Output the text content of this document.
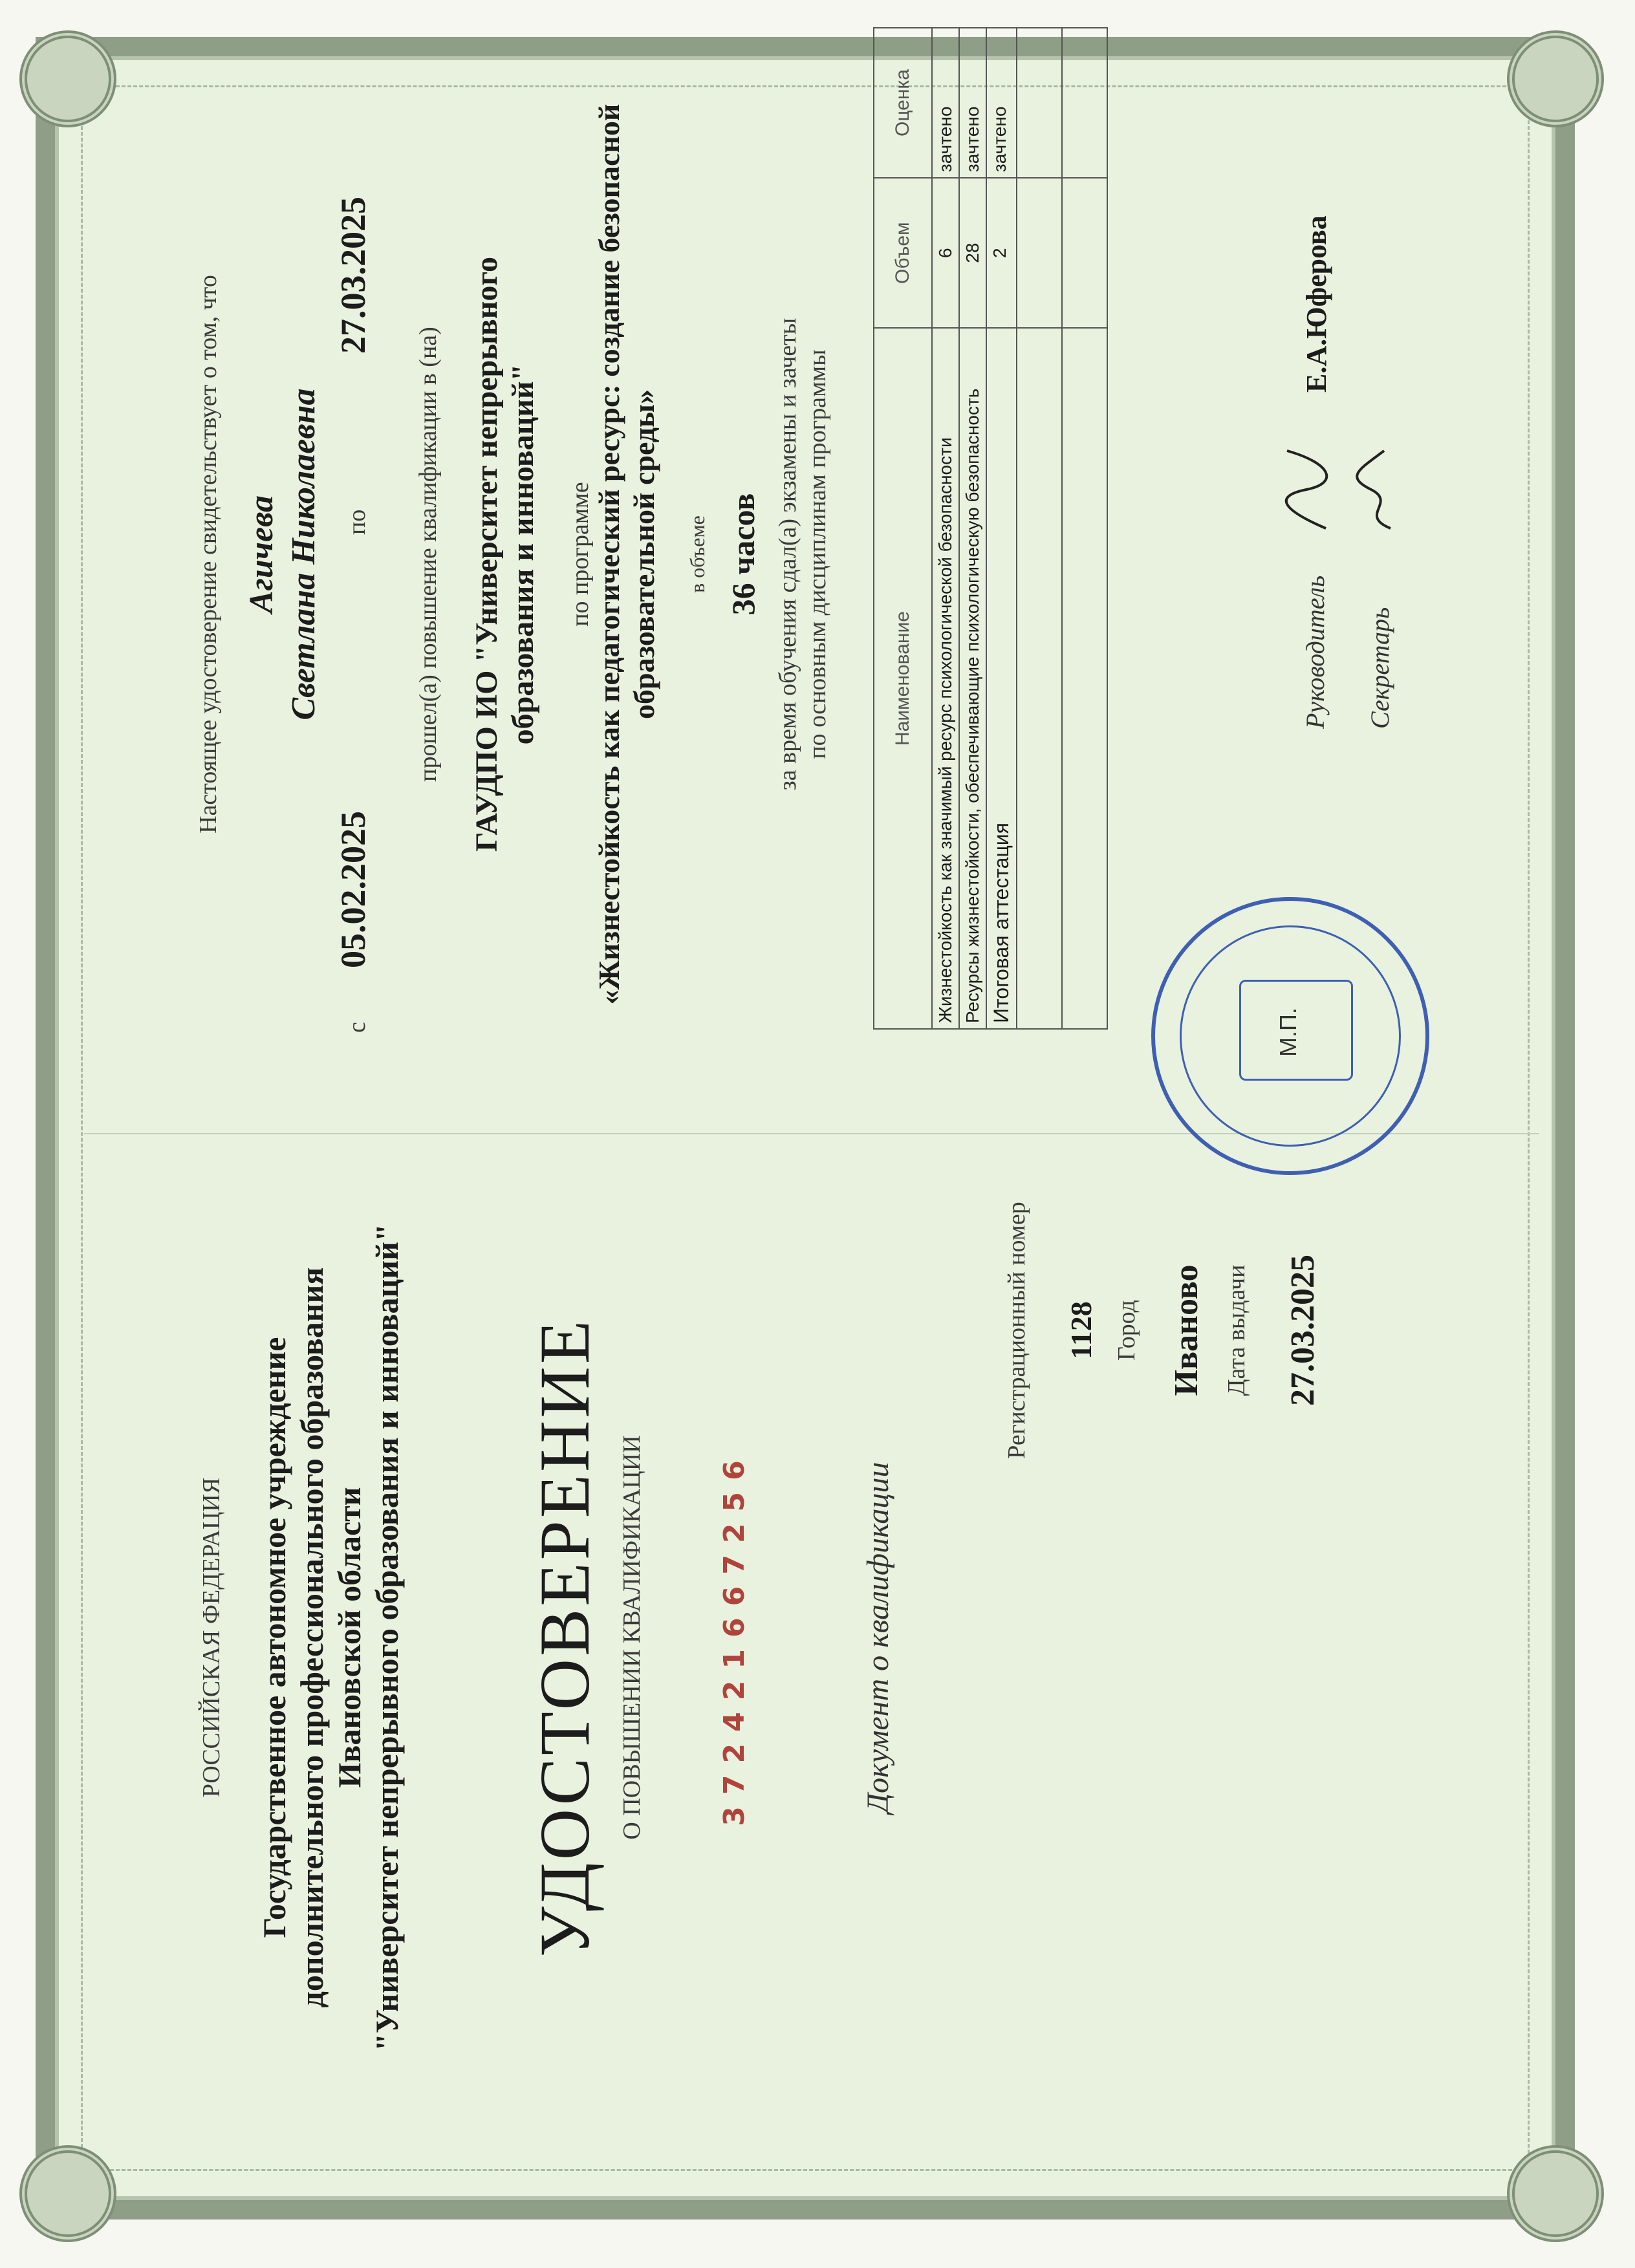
РОССИЙСКАЯ ФЕДЕРАЦИЯ Государственное автономное учреждение дополнительного профессионального образования Ивановской области "Университет непрерывного образования и инноваций" УДОСТОВЕРЕНИЕ О ПОВЫШЕНИИ КВАЛИФИКАЦИИ	372421667256	Документ о квалификации
Регистрационный номер 1128 Город Иваново Дата выдачи 27.03.2025
Настоящее удостоверение свидетельствует о том, что Агичева Светлана Николаевна
с
05.02.2025
по
27.03.2025
прошел(а) повышение квалификации в (на) ГАУДПО ИО "Университет непрерывного образования и инноваций" по программе
«Жизнестойкость как педагогический ресурс: создание безопасной образовательной среды» в объеме 36 часов за время обучения сдал(а) экзамены и зачеты по основным дисциплинам программы	Наименование	Объем	Оценка
Жизнестойкость как значимый ресурс психологической безопасности	6	зачтено
Ресурсы жизнестойкости, обеспечивающие психологическую безопасность	28	зачтено
Итоговая аттестация	2	зачтено

М.П.
Руководитель
Е.А.Юферова
Секретарь
